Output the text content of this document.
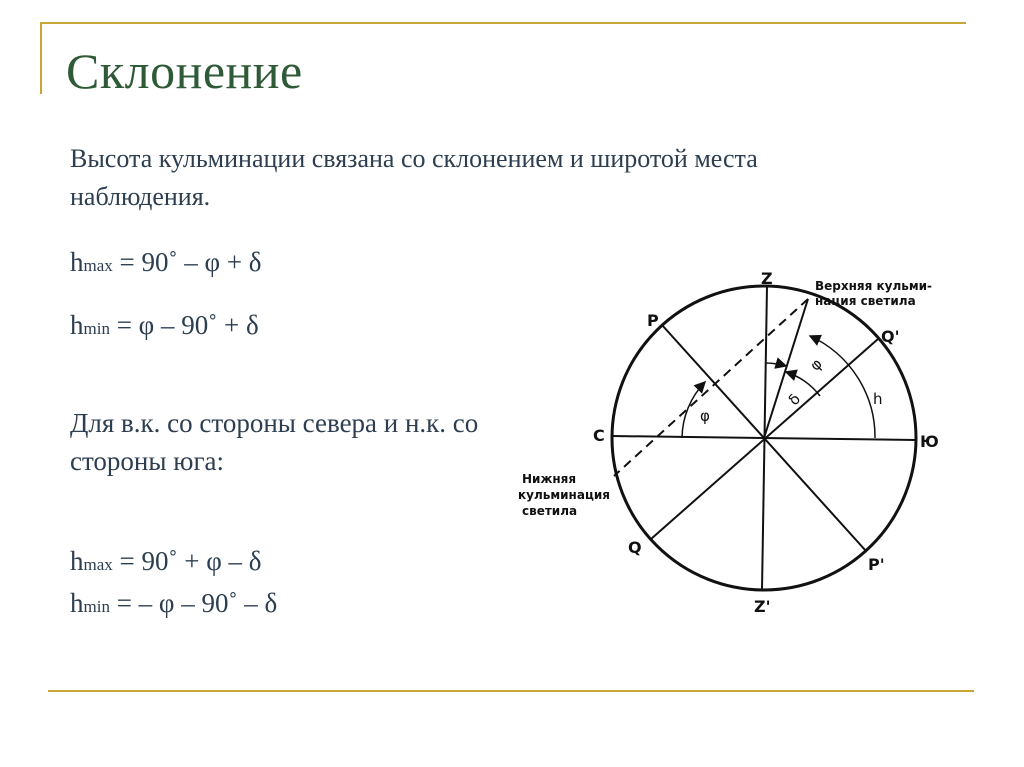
Склонение
Высота кульминации связана со склонением и широтой места наблюдения.
hmax = 90˚ – φ + δ
hmin = φ – 90˚ + δ
Для в.к. со стороны севера и н.к. со стороны юга:
hmax = 90˚ + φ – δ
hmin = – φ – 90˚ – δ
Z
Z'
P
P'
Q'
Q
С	Ю
φ
φ
δ	h
Верхняя кульми-
нация светила
Нижняя
кульминация
светила
